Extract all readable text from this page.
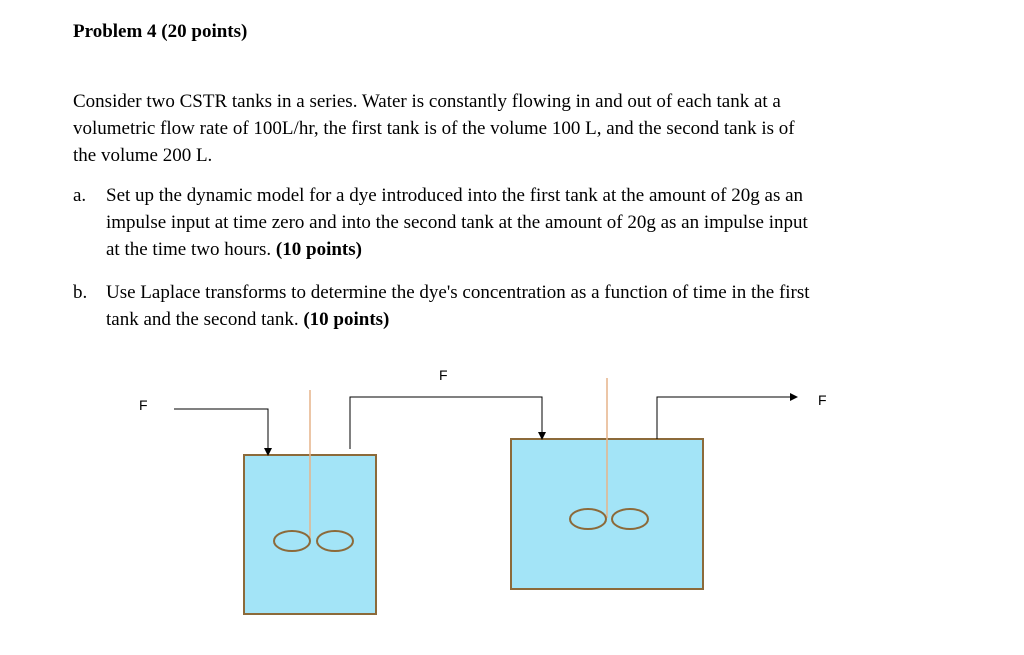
Problem 4 (20 points)
Consider two CSTR tanks in a series. Water is constantly flowing in and out of each tank at a
volumetric flow rate of 100L/hr, the first tank is of the volume 100 L, and the second tank is of
the volume 200 L.
a. Set up the dynamic model for a dye introduced into the first tank at the amount of 20g as an
impulse input at time zero and into the second tank at the amount of 20g as an impulse input
at the time two hours. (10 points)
b. Use Laplace transforms to determine the dye's concentration as a function of time in the first
tank and the second tank. (10 points)
F
F
F
